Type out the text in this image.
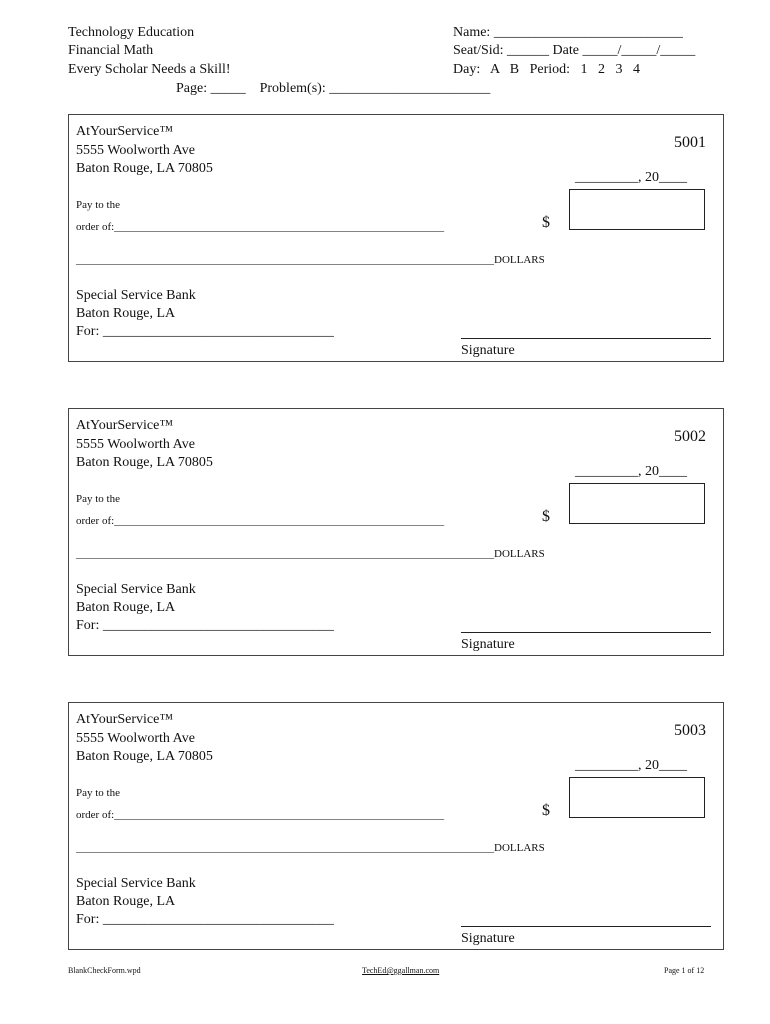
Technology Education
Financial Math
Every Scholar Needs a Skill!
Name: ___________________________
Seat/Sid: ______ Date _____/_____/_____
Day:   A   B   Period:   1   2   3   4
Page: _____    Problem(s): _______________________
AtYourService™
5555 Woolworth Ave
Baton Rouge, LA 70805
5001
_________, 20____
Pay to the
order of:____________________________________________________________	$
____________________________________________________________________________DOLLARS
Special Service Bank
Baton Rouge, LA
For: _________________________________
Signature
AtYourService™
5555 Woolworth Ave
Baton Rouge, LA 70805
5002
_________, 20____
Pay to the
order of:____________________________________________________________	$
____________________________________________________________________________DOLLARS
Special Service Bank
Baton Rouge, LA
For: _________________________________
Signature
AtYourService™
5555 Woolworth Ave
Baton Rouge, LA 70805
5003
_________, 20____
Pay to the
order of:____________________________________________________________	$
____________________________________________________________________________DOLLARS
Special Service Bank
Baton Rouge, LA
For: _________________________________
Signature
BlankCheckForm.wpd	TechEd@ggallman.com	Page 1 of 12
